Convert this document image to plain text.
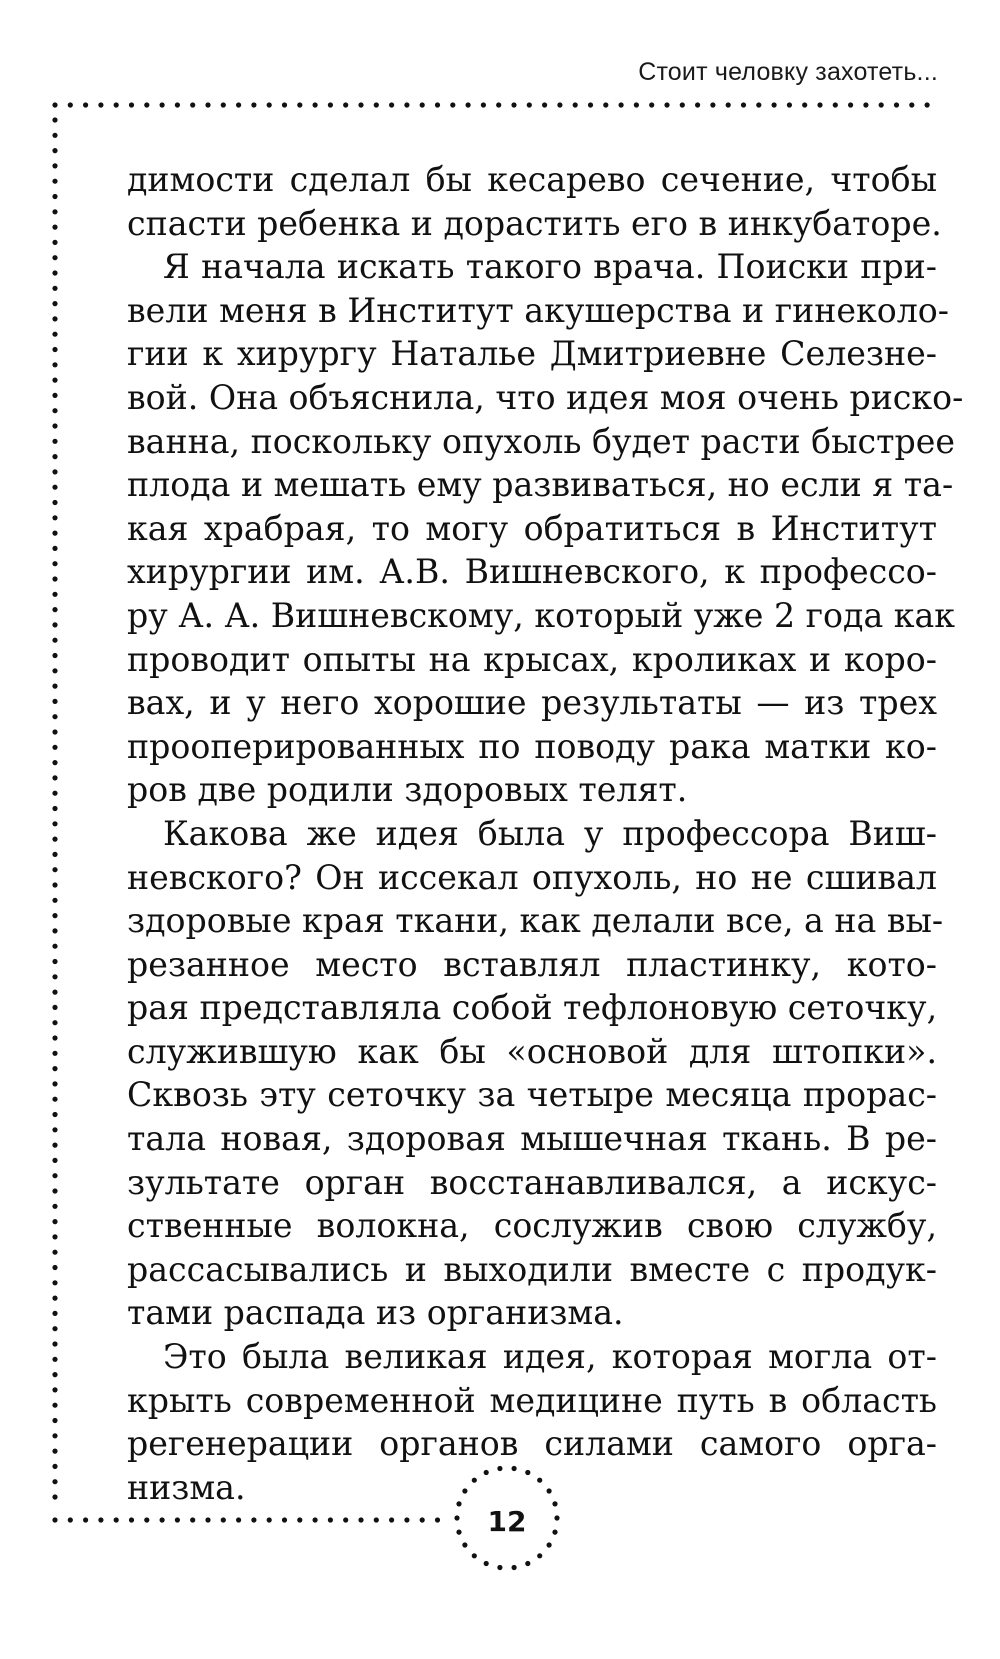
Стоит человку захотеть...

димости сделал бы кесарево сечение, чтобы
спасти ребенка и дорастить его в инкубаторе.

Я начала искать такого врача. Поиски при-
вели меня в Институт акушерства и гинеколо-
гии к хирургу Наталье Дмитриевне Селезне-
вой. Она объяснила, что идея моя очень риско-
ванна, поскольку опухоль будет расти быстрее
плода и мешать ему развиваться, но если я та-
кая храбрая, то могу обратиться в Институт
хирургии им. А.В. Вишневского, к профессо-
ру А. А. Вишневскому, который уже 2 года как
проводит опыты на крысах, кроликах и коро-
вах, и у него хорошие результаты — из трех
прооперированных по поводу рака матки ко-
ров две родили здоровых телят.

Какова же идея была у профессора Виш-
невского? Он иссекал опухоль, но не сшивал
здоровые края ткани, как делали все, а на вы-
резанное место вставлял пластинку, кото-
рая представляла собой тефлоновую сеточку,
служившую как бы «основой для штопки».
Сквозь эту сеточку за четыре месяца прорас-
тала новая, здоровая мышечная ткань. В ре-
зультате орган восстанавливался, а искус-
ственные волокна, сослужив свою службу,
рассасывались и выходили вместе с продук-
тами распада из организма.

Это была великая идея, которая могла от-
крыть современной медицине путь в область
регенерации органов силами самого орга-
низма.

12
